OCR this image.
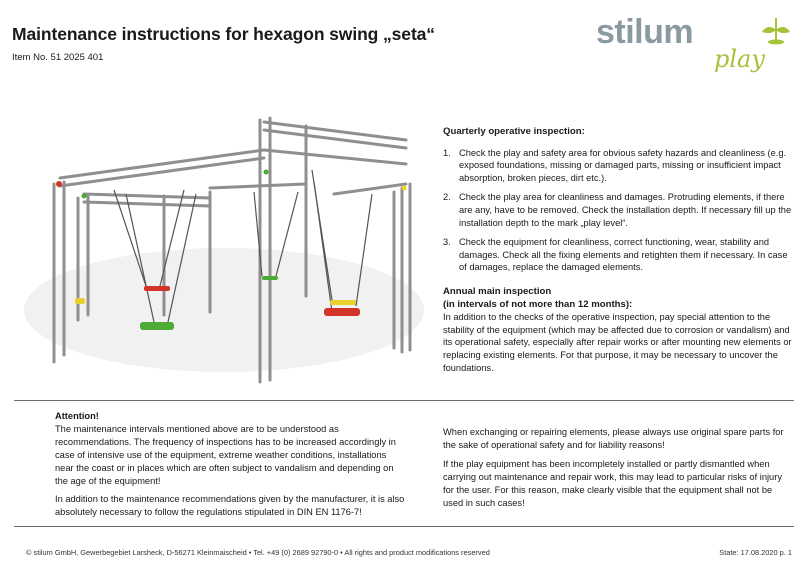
Maintenance instructions for hexagon swing „seta“
Item No. 51 2025 401
stilum
play
Quarterly operative inspection:
1. Check the play and safety area for obvious safety hazards and cleanliness (e.g. exposed foundations, missing or damaged parts, missing or insufficient impact absorption, broken pieces, dirt etc.).
2. Check the play area for cleanliness and damages. Protruding elements, if there are any, have to be removed. Check the installation depth. If necessary fill up the installation depth to the mark „play level“.
3. Check the equipment for cleanliness, correct functioning, wear, stability and damages. Check all the fixing elements and retighten them if necessary. In case of damages, replace the damaged elements.
Annual main inspection
(in intervals of not more than 12 months):
In addition to the checks of the operative inspection, pay special attention to the stability of the equipment (which may be affected due to corrosion or vandalism) and its operational safety, especially after repair works or after mounting new elements or replacing existing elements. For that purpose, it may be necessary to uncover the foundations.
Attention!

The maintenance intervals mentioned above are to be understood as recommendations. The frequency of inspections has to be increased accordingly in case of intensive use of the equipment, extreme weather conditions, installations near the coast or in places which are often subject to vandalism and depending on the age of the equipment!

In addition to the maintenance recommendations given by the manufacturer, it is also absolutely necessary to follow the regulations stipulated in DIN EN 1176-7!

When exchanging or repairing elements, please always use original spare parts for the sake of operational safety and for liability reasons!

If the play equipment has been incompletely installed or partly dismantled when carrying out maintenance and repair work, this may lead to particular risks of injury for the user. For this reason, make clearly visible that the equipment shall not be used in such cases!

© stilum GmbH, Gewerbegebiet Larsheck, D-56271 Kleinmaischeid • Tel. +49 (0) 2689 92790-0 • All rights and product modifications reserved	State: 17.08.2020 p. 1
